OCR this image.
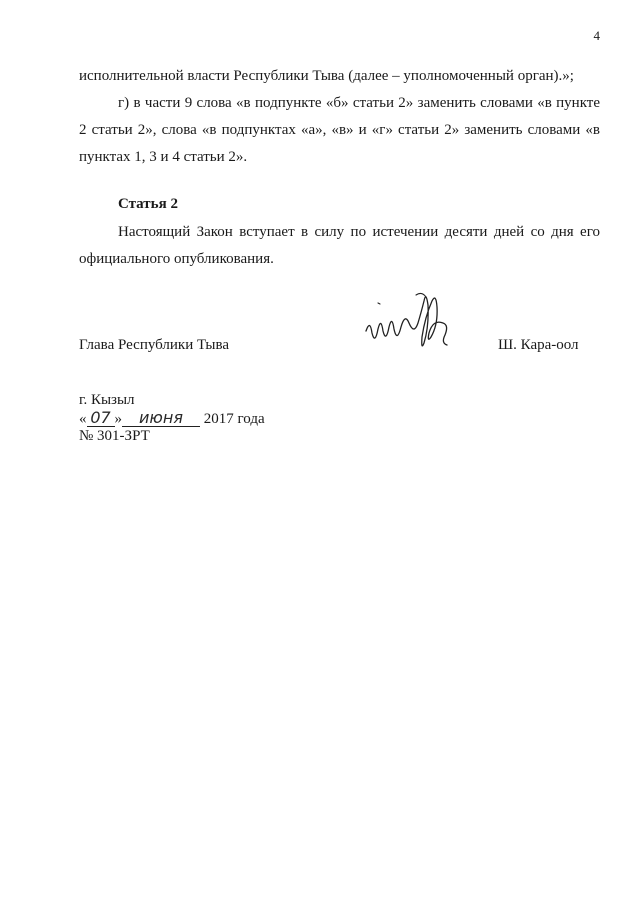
4
исполнительной власти Республики Тыва (далее – уполномоченный орган).»;
г) в части 9 слова «в подпункте «б» статьи 2» заменить словами «в пункте 2 статьи 2», слова «в подпунктах «а», «в» и «г» статьи 2» заменить словами «в пунктах 1, 3 и 4 статьи 2».
Статья 2
Настоящий Закон вступает в силу по истечении десяти дней со дня его официального опубликования.
Глава Республики Тыва	Ш. Кара-оол
г. Кызыл
« 07 » июня 2017 года
№ 301-ЗРТ
